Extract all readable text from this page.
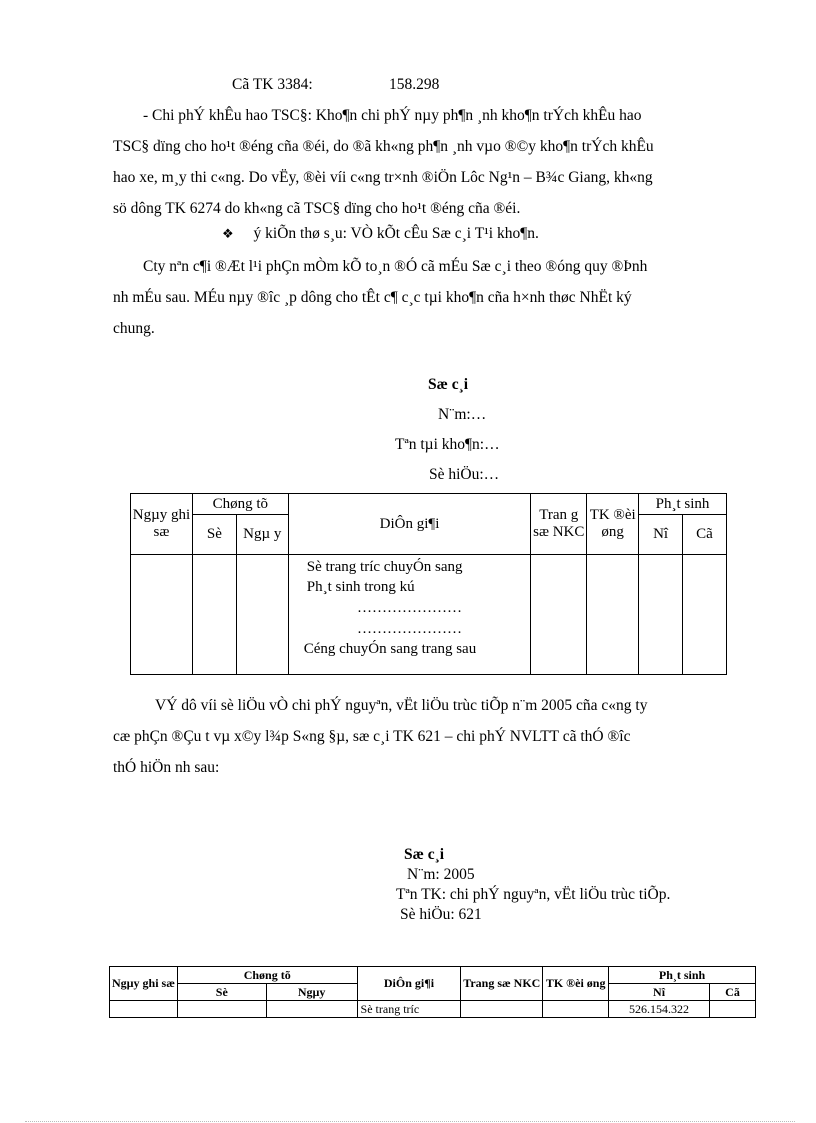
Cã TK 3384:	158.298
- Chi phÝ khÊu hao TSC§: Kho¶n chi phÝ nµy ph¶n ¸nh kho¶n trÝch khÊu hao
TSC§ dïng cho ho¹t ®éng cña ®éi, do ®ã kh«ng ph¶n ¸nh vµo ®©y kho¶n trÝch khÊu
hao xe, m¸y thi c«ng. Do vËy, ®èi víi c«ng tr×nh ®iÖn Lôc Ng¹n – B¾c Giang, kh«ng
sö dông TK 6274 do kh«ng cã TSC§ dïng cho ho¹t ®éng cña ®éi.
❖ ý kiÕn thø s¸u: VÒ kÕt cÊu Sæ c¸i T¹i kho¶n.
Cty nªn c¶i ®Æt l¹i phÇn mÒm kÕ to¸n ®Ó cã mÉu Sæ c¸i theo ®óng quy ®Þnh
nh mÉu sau. MÉu nµy ®îc ¸p dông cho tÊt c¶ c¸c tµi kho¶n cña h×nh thøc NhËt ký
chung.
Sæ c¸i
N¨m:…
Tªn tµi kho¶n:…
Sè hiÖu:…
Ngµy ghi sæ	Chøng tõ		DiÔn gi¶i	Tran g sæ NKC	TK ®èi øng	Ph¸t sinh	
	Sè	Ngµ y				Nî	Cã

			Sè trang tríc chuyÓn sang
Ph¸t sinh trong kú
…………………
…………………
Céng chuyÓn sang trang sau				

VÝ dô víi sè liÖu vÒ chi phÝ nguyªn, vËt liÖu trùc tiÕp n¨m 2005 cña c«ng ty
cæ phÇn ®Çu t vµ x©y l¾p S«ng §µ, sæ c¸i TK 621 – chi phÝ NVLTT cã thÓ ®îc
thÓ hiÖn nh sau:
Sæ c¸i
N¨m: 2005
Tªn TK: chi phÝ nguyªn, vËt liÖu trùc tiÕp.
Sè hiÖu: 621
Ngµy ghi sæ	Chøng tõ		DiÔn gi¶i	Trang sæ NKC	TK ®èi øng	Ph¸t sinh	
	Sè	Ngµy				Nî	Cã
			Sè trang tríc			526.154.322	
